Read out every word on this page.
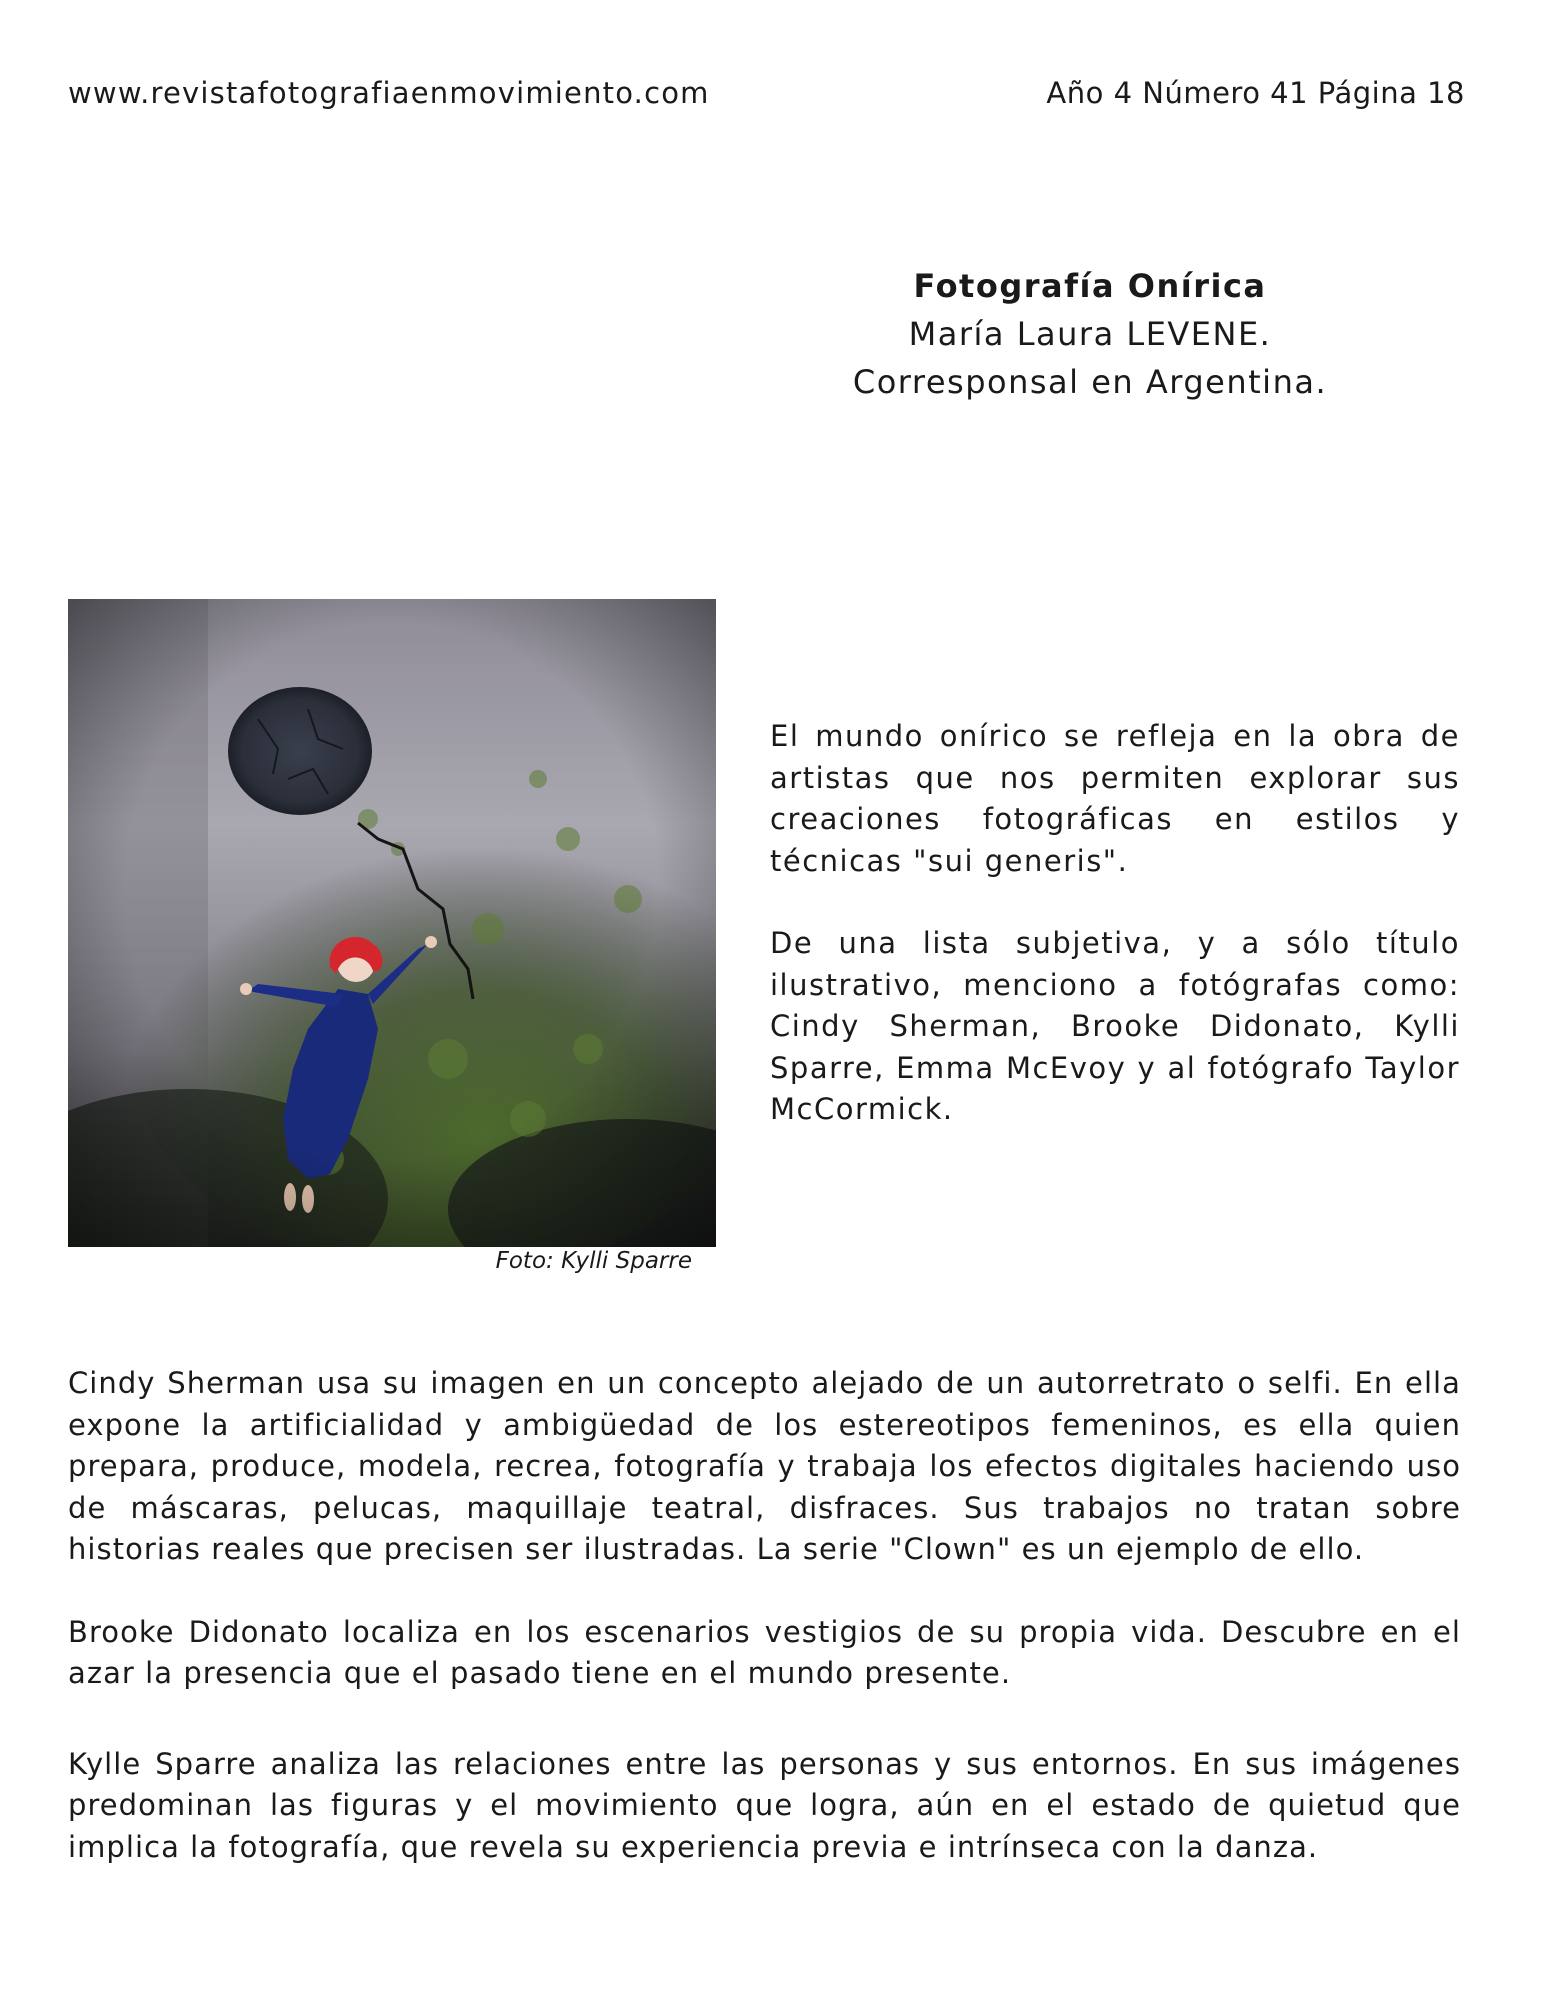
www.revistafotografiaenmovimiento.com	Año 4 Número 41 Página 18
Fotografía Onírica
María Laura LEVENE.
Corresponsal en Argentina.
Foto: Kylli Sparre

El mundo onírico se refleja en la obra de artistas que nos permiten explorar sus creaciones fotográficas en estilos y técnicas "sui generis".

De una lista subjetiva, y a sólo título ilustrativo, menciono a fotógrafas como: Cindy Sherman, Brooke Didonato, Kylli Sparre, Emma McEvoy y al fotógrafo Taylor McCormick.

Cindy Sherman usa su imagen en un concepto alejado de un autorretrato o selfi. En ella expone la artificialidad y ambigüedad de los estereotipos femeninos, es ella quien prepara, produce, modela, recrea, fotografía y trabaja los efectos digitales haciendo uso de máscaras, pelucas, maquillaje teatral, disfraces. Sus trabajos no tratan sobre historias reales que precisen ser ilustradas. La serie "Clown" es un ejemplo de ello.

Brooke Didonato localiza en los escenarios vestigios de su propia vida. Descubre en el azar la presencia que el pasado tiene en el mundo presente.

Kylle Sparre analiza las relaciones entre las personas y sus entornos. En sus imágenes predominan las figuras y el movimiento que logra, aún en el estado de quietud que implica la fotografía, que revela su experiencia previa e intrínseca con la danza.
